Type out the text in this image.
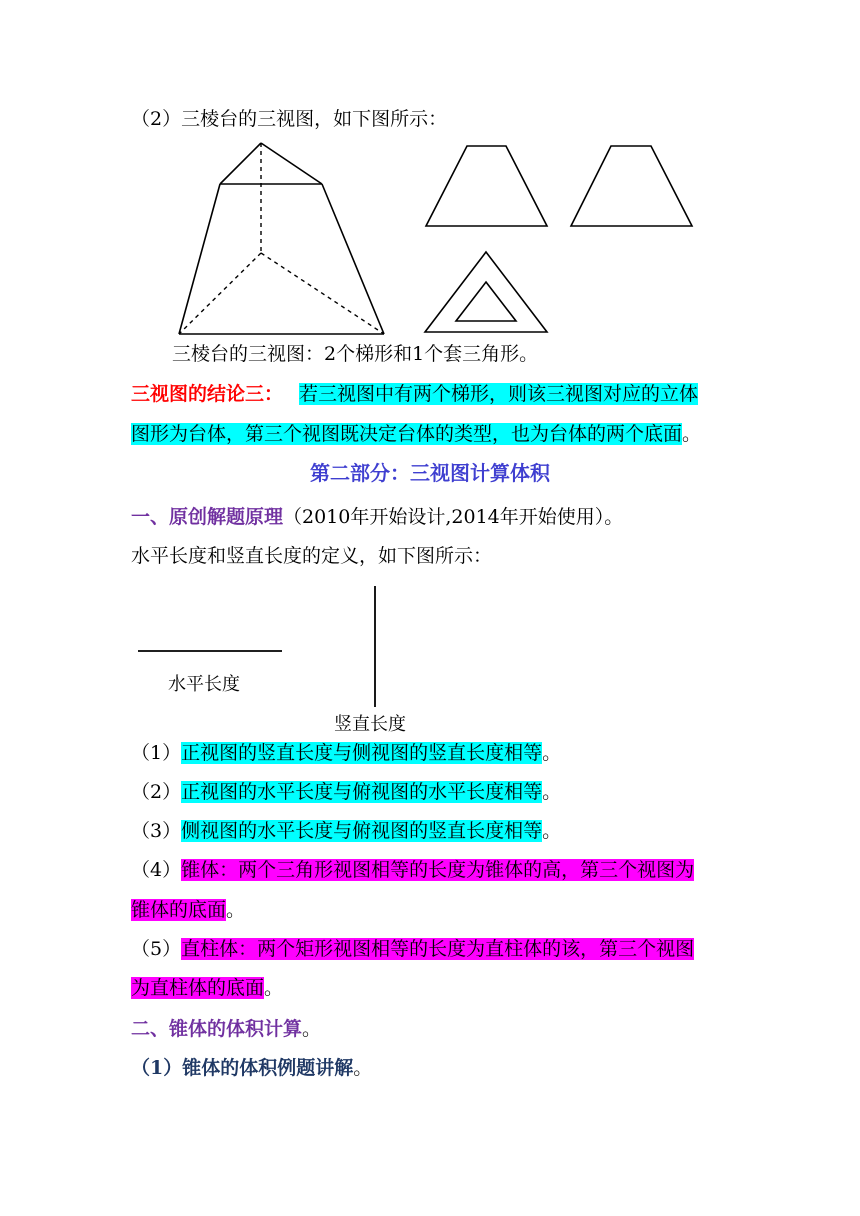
（2）三棱台的三视图，如下图所示：
三棱台的三视图：2个梯形和1个套三角形。
三视图的结论三： 若三视图中有两个梯形，则该三视图对应的立体
图形为台体，第三个视图既决定台体的类型，也为台体的两个底面。
第二部分：三视图计算体积
一、原创解题原理（2010年开始设计,2014年开始使用）。
水平长度和竖直长度的定义，如下图所示：
水平长度
竖直长度
（1）正视图的竖直长度与侧视图的竖直长度相等。
（2）正视图的水平长度与俯视图的水平长度相等。
（3）侧视图的水平长度与俯视图的竖直长度相等。
（4）锥体：两个三角形视图相等的长度为锥体的高，第三个视图为
锥体的底面。
（5）直柱体：两个矩形视图相等的长度为直柱体的该，第三个视图
为直柱体的底面。
二、锥体的体积计算。
（1）锥体的体积例题讲解。
